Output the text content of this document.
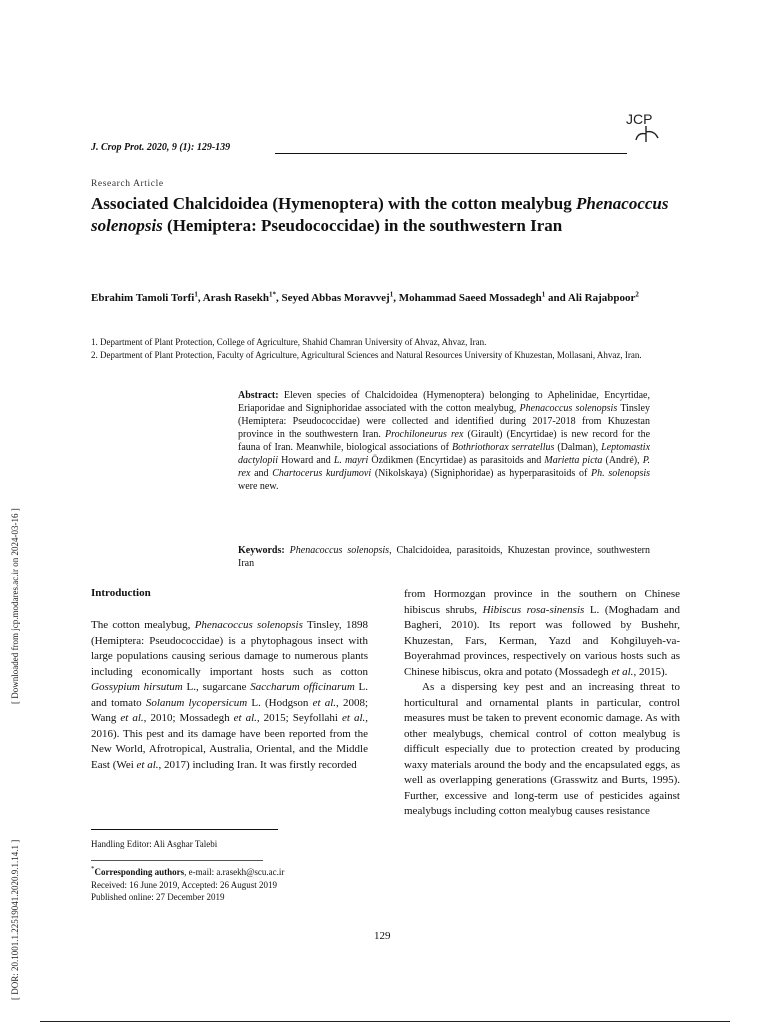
JCP
J. Crop Prot. 2020, 9 (1): 129-139
Research Article
Associated Chalcidoidea (Hymenoptera) with the cotton mealybug Phenacoccus solenopsis (Hemiptera: Pseudococcidae) in the southwestern Iran
Ebrahim Tamoli Torfi$^1$, Arash Rasekh$^{1*}$, Seyed Abbas Moravvej$^1$, Mohammad Saeed Mossadegh$^1$ and Ali Rajabpoor$^2$
1. Department of Plant Protection, College of Agriculture, Shahid Chamran University of Ahvaz, Ahvaz, Iran.
2. Department of Plant Protection, Faculty of Agriculture, Agricultural Sciences and Natural Resources University of Khuzestan, Mollasani, Ahvaz, Iran.
Abstract: Eleven species of Chalcidoidea (Hymenoptera) belonging to Aphelinidae, Encyrtidae, Eriaporidae and Signiphoridae associated with the cotton mealybug, Phenacoccus solenopsis Tinsley (Hemiptera: Pseudococcidae) were collected and identified during 2017-2018 from Khuzestan province in the southwestern Iran. Prochiloneurus rex (Girault) (Encyrtidae) is new record for the fauna of Iran. Meanwhile, biological associations of Bothriothorax serratellus (Dalman), Leptomastix dactylopii Howard and L. mayri Özdikmen (Encyrtidae) as parasitoids and Marietta picta (André), P. rex and Chartocerus kurdjumovi (Nikolskaya) (Signiphoridae) as hyperparasitoids of Ph. solenopsis were new.
Keywords: Phenacoccus solenopsis, Chalcidoidea, parasitoids, Khuzestan province, southwestern Iran
Introduction
The cotton mealybug, Phenacoccus solenopsis Tinsley, 1898 (Hemiptera: Pseudococcidae) is a phytophagous insect with large populations causing serious damage to numerous plants including economically important hosts such as cotton Gossypium hirsutum L., sugarcane Saccharum officinarum L. and tomato Solanum lycopersicum L. (Hodgson et al., 2008; Wang et al., 2010; Mossadegh et al., 2015; Seyfollahi et al., 2016). This pest and its damage have been reported from the New World, Afrotropical, Australia, Oriental, and the Middle East (Wei et al., 2017) including Iran. It was firstly recorded
from Hormozgan province in the southern on Chinese hibiscus shrubs, Hibiscus rosa-sinensis L. (Moghadam and Bagheri, 2010). Its report was followed by Bushehr, Khuzestan, Fars, Kerman, Yazd and Kohgiluyeh-va-Boyerahmad provinces, respectively on various hosts such as Chinese hibiscus, okra and potato (Mossadegh et al., 2015).
As a dispersing key pest and an increasing threat to horticultural and ornamental plants in particular, control measures must be taken to prevent economic damage. As with other mealybugs, chemical control of cotton mealybug is difficult especially due to protection created by producing waxy materials around the body and the encapsulated eggs, as well as overlapping generations (Grasswitz and Burts, 1995). Further, excessive and long-term use of pesticides against mealybugs including cotton mealybug causes resistance
Handling Editor: Ali Asghar Talebi
*Corresponding authors, e-mail: a.rasekh@scu.ac.ir
Received: 16 June 2019, Accepted: 26 August 2019
Published online: 27 December 2019
129
[ Downloaded from jcp.modares.ac.ir on 2024-03-16 ]
[ DOR: 20.1001.1.22519041.2020.9.1.14.1 ]
